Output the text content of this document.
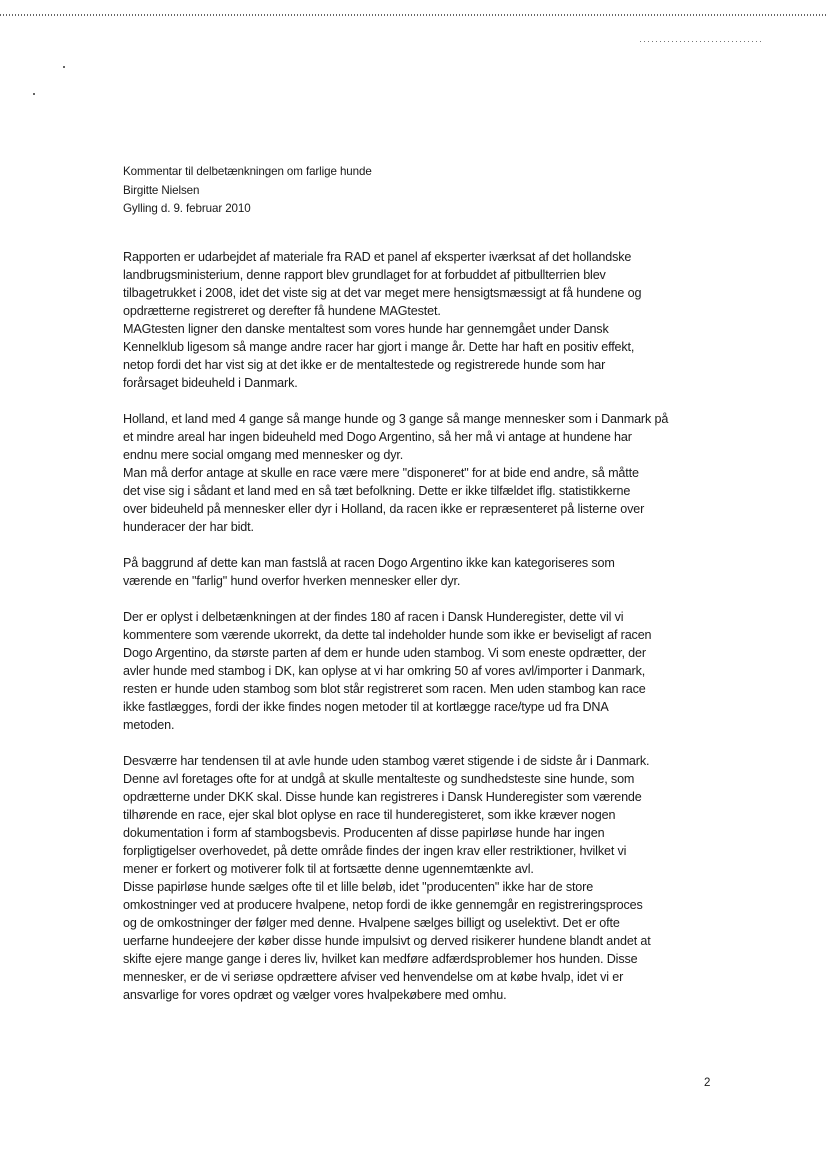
Kommentar til delbetænkningen om farlige hunde
Birgitte Nielsen
Gylling d. 9. februar 2010
Rapporten er udarbejdet af materiale fra RAD et panel af eksperter iværksat af det hollandske
landbrugsministerium, denne rapport blev grundlaget for at forbuddet af pitbullterrien blev
tilbagetrukket i 2008, idet det viste sig at det var meget mere hensigtsmæssigt at få hundene og
opdrætterne registreret og derefter få hundene MAGtestet.
MAGtesten ligner den danske mentaltest som vores hunde har gennemgået under Dansk
Kennelklub ligesom så mange andre racer har gjort i mange år. Dette har haft en positiv effekt,
netop fordi det har vist sig at det ikke er de mentaltestede og registrerede hunde som har
forårsaget bideuheld i Danmark.
Holland, et land med 4 gange så mange hunde og 3 gange så mange mennesker som i Danmark på
et mindre areal har ingen bideuheld med Dogo Argentino, så her må vi antage at hundene har
endnu mere social omgang med mennesker og dyr.
Man må derfor antage at skulle en race være mere "disponeret" for at bide end andre, så måtte
det vise sig i sådant et land med en så tæt befolkning. Dette er ikke tilfældet iflg. statistikkerne
over bideuheld på mennesker eller dyr i Holland, da racen ikke er repræsenteret på listerne over
hunderacer der har bidt.
På baggrund af dette kan man fastslå at racen Dogo Argentino ikke kan kategoriseres som
værende en "farlig" hund overfor hverken mennesker eller dyr.
Der er oplyst i delbetænkningen at der findes 180 af racen i Dansk Hunderegister, dette vil vi
kommentere som værende ukorrekt, da dette tal indeholder hunde som ikke er beviseligt af racen
Dogo Argentino, da største parten af dem er hunde uden stambog. Vi som eneste opdrætter, der
avler hunde med stambog i DK, kan oplyse at vi har omkring 50 af vores avl/importer i Danmark,
resten er hunde uden stambog som blot står registreret som racen. Men uden stambog kan race
ikke fastlægges, fordi der ikke findes nogen metoder til at kortlægge race/type ud fra DNA
metoden.
Desværre har tendensen til at avle hunde uden stambog været stigende i de sidste år i Danmark.
Denne avl foretages ofte for at undgå at skulle mentalteste og sundhedsteste sine hunde, som
opdrætterne under DKK skal. Disse hunde kan registreres i Dansk Hunderegister som værende
tilhørende en race, ejer skal blot oplyse en race til hunderegisteret, som ikke kræver nogen
dokumentation i form af stambogsbevis. Producenten af disse papirløse hunde har ingen
forpligtigelser overhovedet, på dette område findes der ingen krav eller restriktioner, hvilket vi
mener er forkert og motiverer folk til at fortsætte denne ugennemtænkte avl.
Disse papirløse hunde sælges ofte til et lille beløb, idet "producenten" ikke har de store
omkostninger ved at producere hvalpene, netop fordi de ikke gennemgår en registreringsproces
og de omkostninger der følger med denne. Hvalpene sælges billigt og uselektivt. Det er ofte
uerfarne hundeejere der køber disse hunde impulsivt og derved risikerer hundene blandt andet at
skifte ejere mange gange i deres liv, hvilket kan medføre adfærdsproblemer hos hunden. Disse
mennesker, er de vi seriøse opdrættere afviser ved henvendelse om at købe hvalp, idet vi er
ansvarlige for vores opdræt og vælger vores hvalpekøbere med omhu.
2
